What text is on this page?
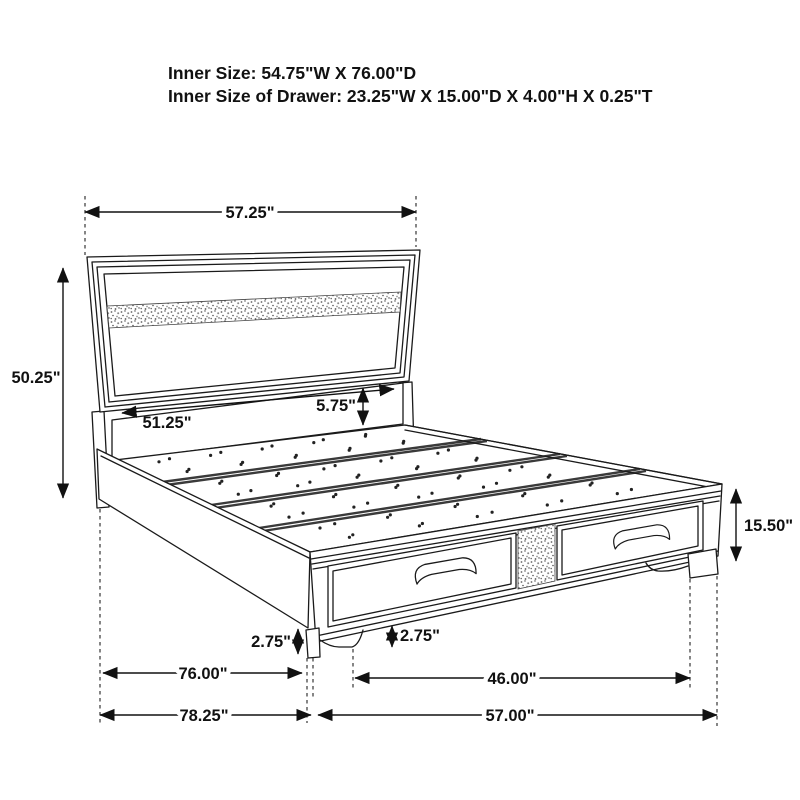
57.25"
50.25"
51.25"
5.75"
15.50"
2.75"	2.75"
76.00"
78.25"
46.00"
57.00"
Inner Size: 54.75"W X 76.00"D
Inner Size of Drawer: 23.25"W X 15.00"D X 4.00"H X 0.25"T
